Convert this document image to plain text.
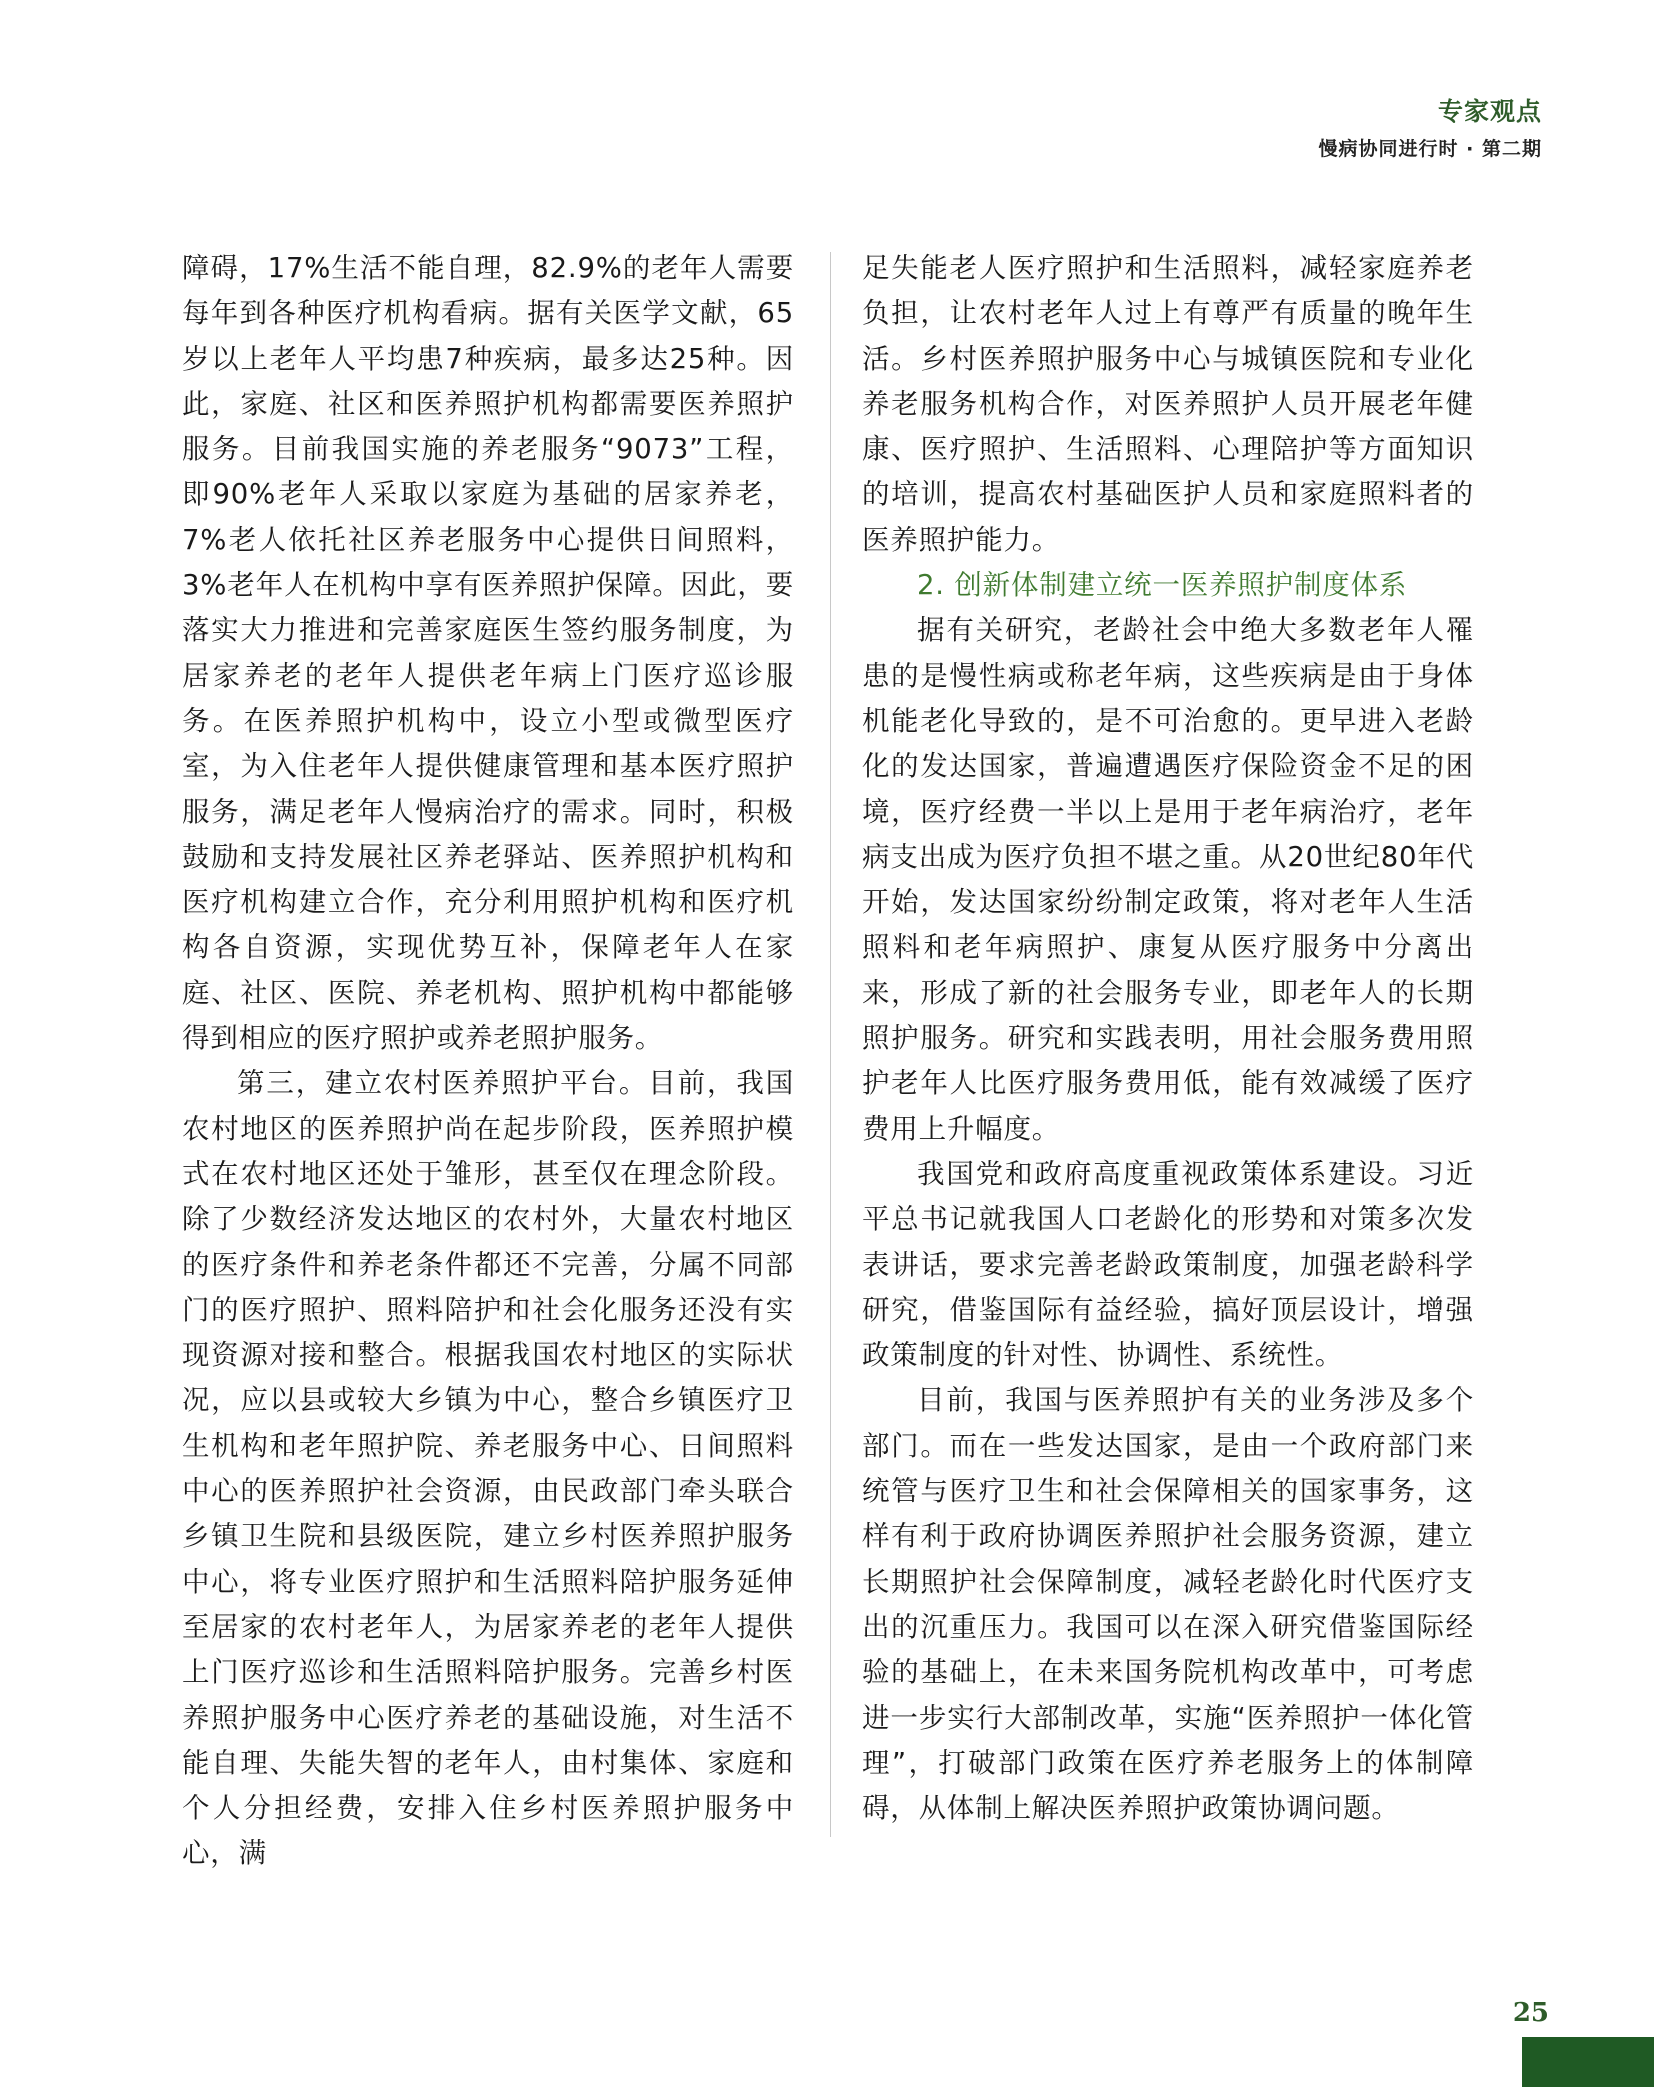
专家观点
慢病协同进行时 · 第二期

障碍，17%生活不能自理，82.9%的老年人需要每年到各种医疗机构看病。据有关医学文献，65岁以上老年人平均患7种疾病，最多达25种。因此，家庭、社区和医养照护机构都需要医养照护服务。目前我国实施的养老服务“9073”工程，即90%老年人采取以家庭为基础的居家养老，7%老人依托社区养老服务中心提供日间照料，3%老年人在机构中享有医养照护保障。因此，要落实大力推进和完善家庭医生签约服务制度，为居家养老的老年人提供老年病上门医疗巡诊服务。在医养照护机构中，设立小型或微型医疗室，为入住老年人提供健康管理和基本医疗照护服务，满足老年人慢病治疗的需求。同时，积极鼓励和支持发展社区养老驿站、医养照护机构和医疗机构建立合作，充分利用照护机构和医疗机构各自资源，实现优势互补，保障老年人在家庭、社区、医院、养老机构、照护机构中都能够得到相应的医疗照护或养老照护服务。

第三，建立农村医养照护平台。目前，我国农村地区的医养照护尚在起步阶段，医养照护模式在农村地区还处于雏形，甚至仅在理念阶段。除了少数经济发达地区的农村外，大量农村地区的医疗条件和养老条件都还不完善，分属不同部门的医疗照护、照料陪护和社会化服务还没有实现资源对接和整合。根据我国农村地区的实际状况，应以县或较大乡镇为中心，整合乡镇医疗卫生机构和老年照护院、养老服务中心、日间照料中心的医养照护社会资源，由民政部门牵头联合乡镇卫生院和县级医院，建立乡村医养照护服务中心，将专业医疗照护和生活照料陪护服务延伸至居家的农村老年人，为居家养老的老年人提供上门医疗巡诊和生活照料陪护服务。完善乡村医养照护服务中心医疗养老的基础设施，对生活不能自理、失能失智的老年人，由村集体、家庭和个人分担经费，安排入住乡村医养照护服务中心，满

足失能老人医疗照护和生活照料，减轻家庭养老负担，让农村老年人过上有尊严有质量的晚年生活。乡村医养照护服务中心与城镇医院和专业化养老服务机构合作，对医养照护人员开展老年健康、医疗照护、生活照料、心理陪护等方面知识的培训，提高农村基础医护人员和家庭照料者的医养照护能力。

2. 创新体制建立统一医养照护制度体系

据有关研究，老龄社会中绝大多数老年人罹患的是慢性病或称老年病，这些疾病是由于身体机能老化导致的，是不可治愈的。更早进入老龄化的发达国家，普遍遭遇医疗保险资金不足的困境，医疗经费一半以上是用于老年病治疗，老年病支出成为医疗负担不堪之重。从20世纪80年代开始，发达国家纷纷制定政策，将对老年人生活照料和老年病照护、康复从医疗服务中分离出来，形成了新的社会服务专业，即老年人的长期照护服务。研究和实践表明，用社会服务费用照护老年人比医疗服务费用低，能有效减缓了医疗费用上升幅度。

我国党和政府高度重视政策体系建设。习近平总书记就我国人口老龄化的形势和对策多次发表讲话，要求完善老龄政策制度，加强老龄科学研究，借鉴国际有益经验，搞好顶层设计，增强政策制度的针对性、协调性、系统性。

目前，我国与医养照护有关的业务涉及多个部门。而在一些发达国家，是由一个政府部门来统管与医疗卫生和社会保障相关的国家事务，这样有利于政府协调医养照护社会服务资源，建立长期照护社会保障制度，减轻老龄化时代医疗支出的沉重压力。我国可以在深入研究借鉴国际经验的基础上，在未来国务院机构改革中，可考虑进一步实行大部制改革，实施“医养照护一体化管理”，打破部门政策在医疗养老服务上的体制障碍，从体制上解决医养照护政策协调问题。

25
